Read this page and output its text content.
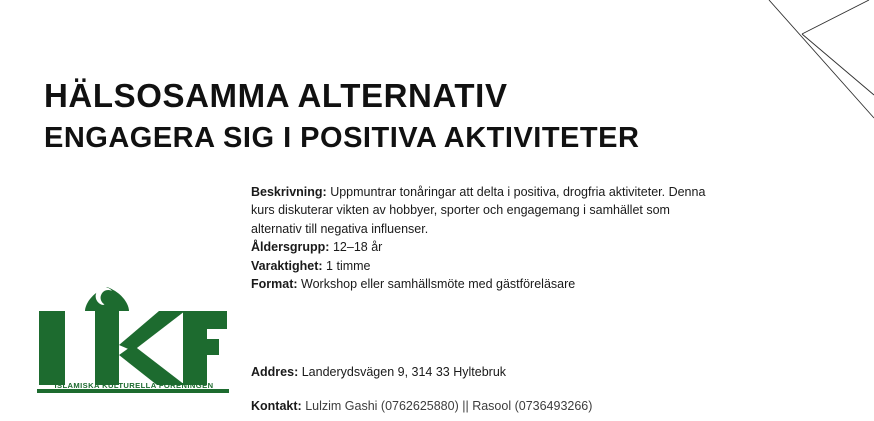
HÄLSOSAMMA ALTERNATIV
ENGAGERA SIG I POSITIVA AKTIVITETER

Beskrivning: Uppmuntrar tonåringar att delta i positiva, drogfria aktiviteter. Denna kurs diskuterar vikten av hobbyer, sporter och engagemang i samhället som alternativ till negativa influenser.

Åldersgrupp: 12–18 år

Varaktighet: 1 timme

Format: Workshop eller samhällsmöte med gästföreläsare

Addres: Landerydsvägen 9, 314 33 Hyltebruk

Kontakt: Lulzim Gashi (0762625880) || Rasool (0736493266)

ISLAMISKA KULTURELLA FÖRENINGEN
